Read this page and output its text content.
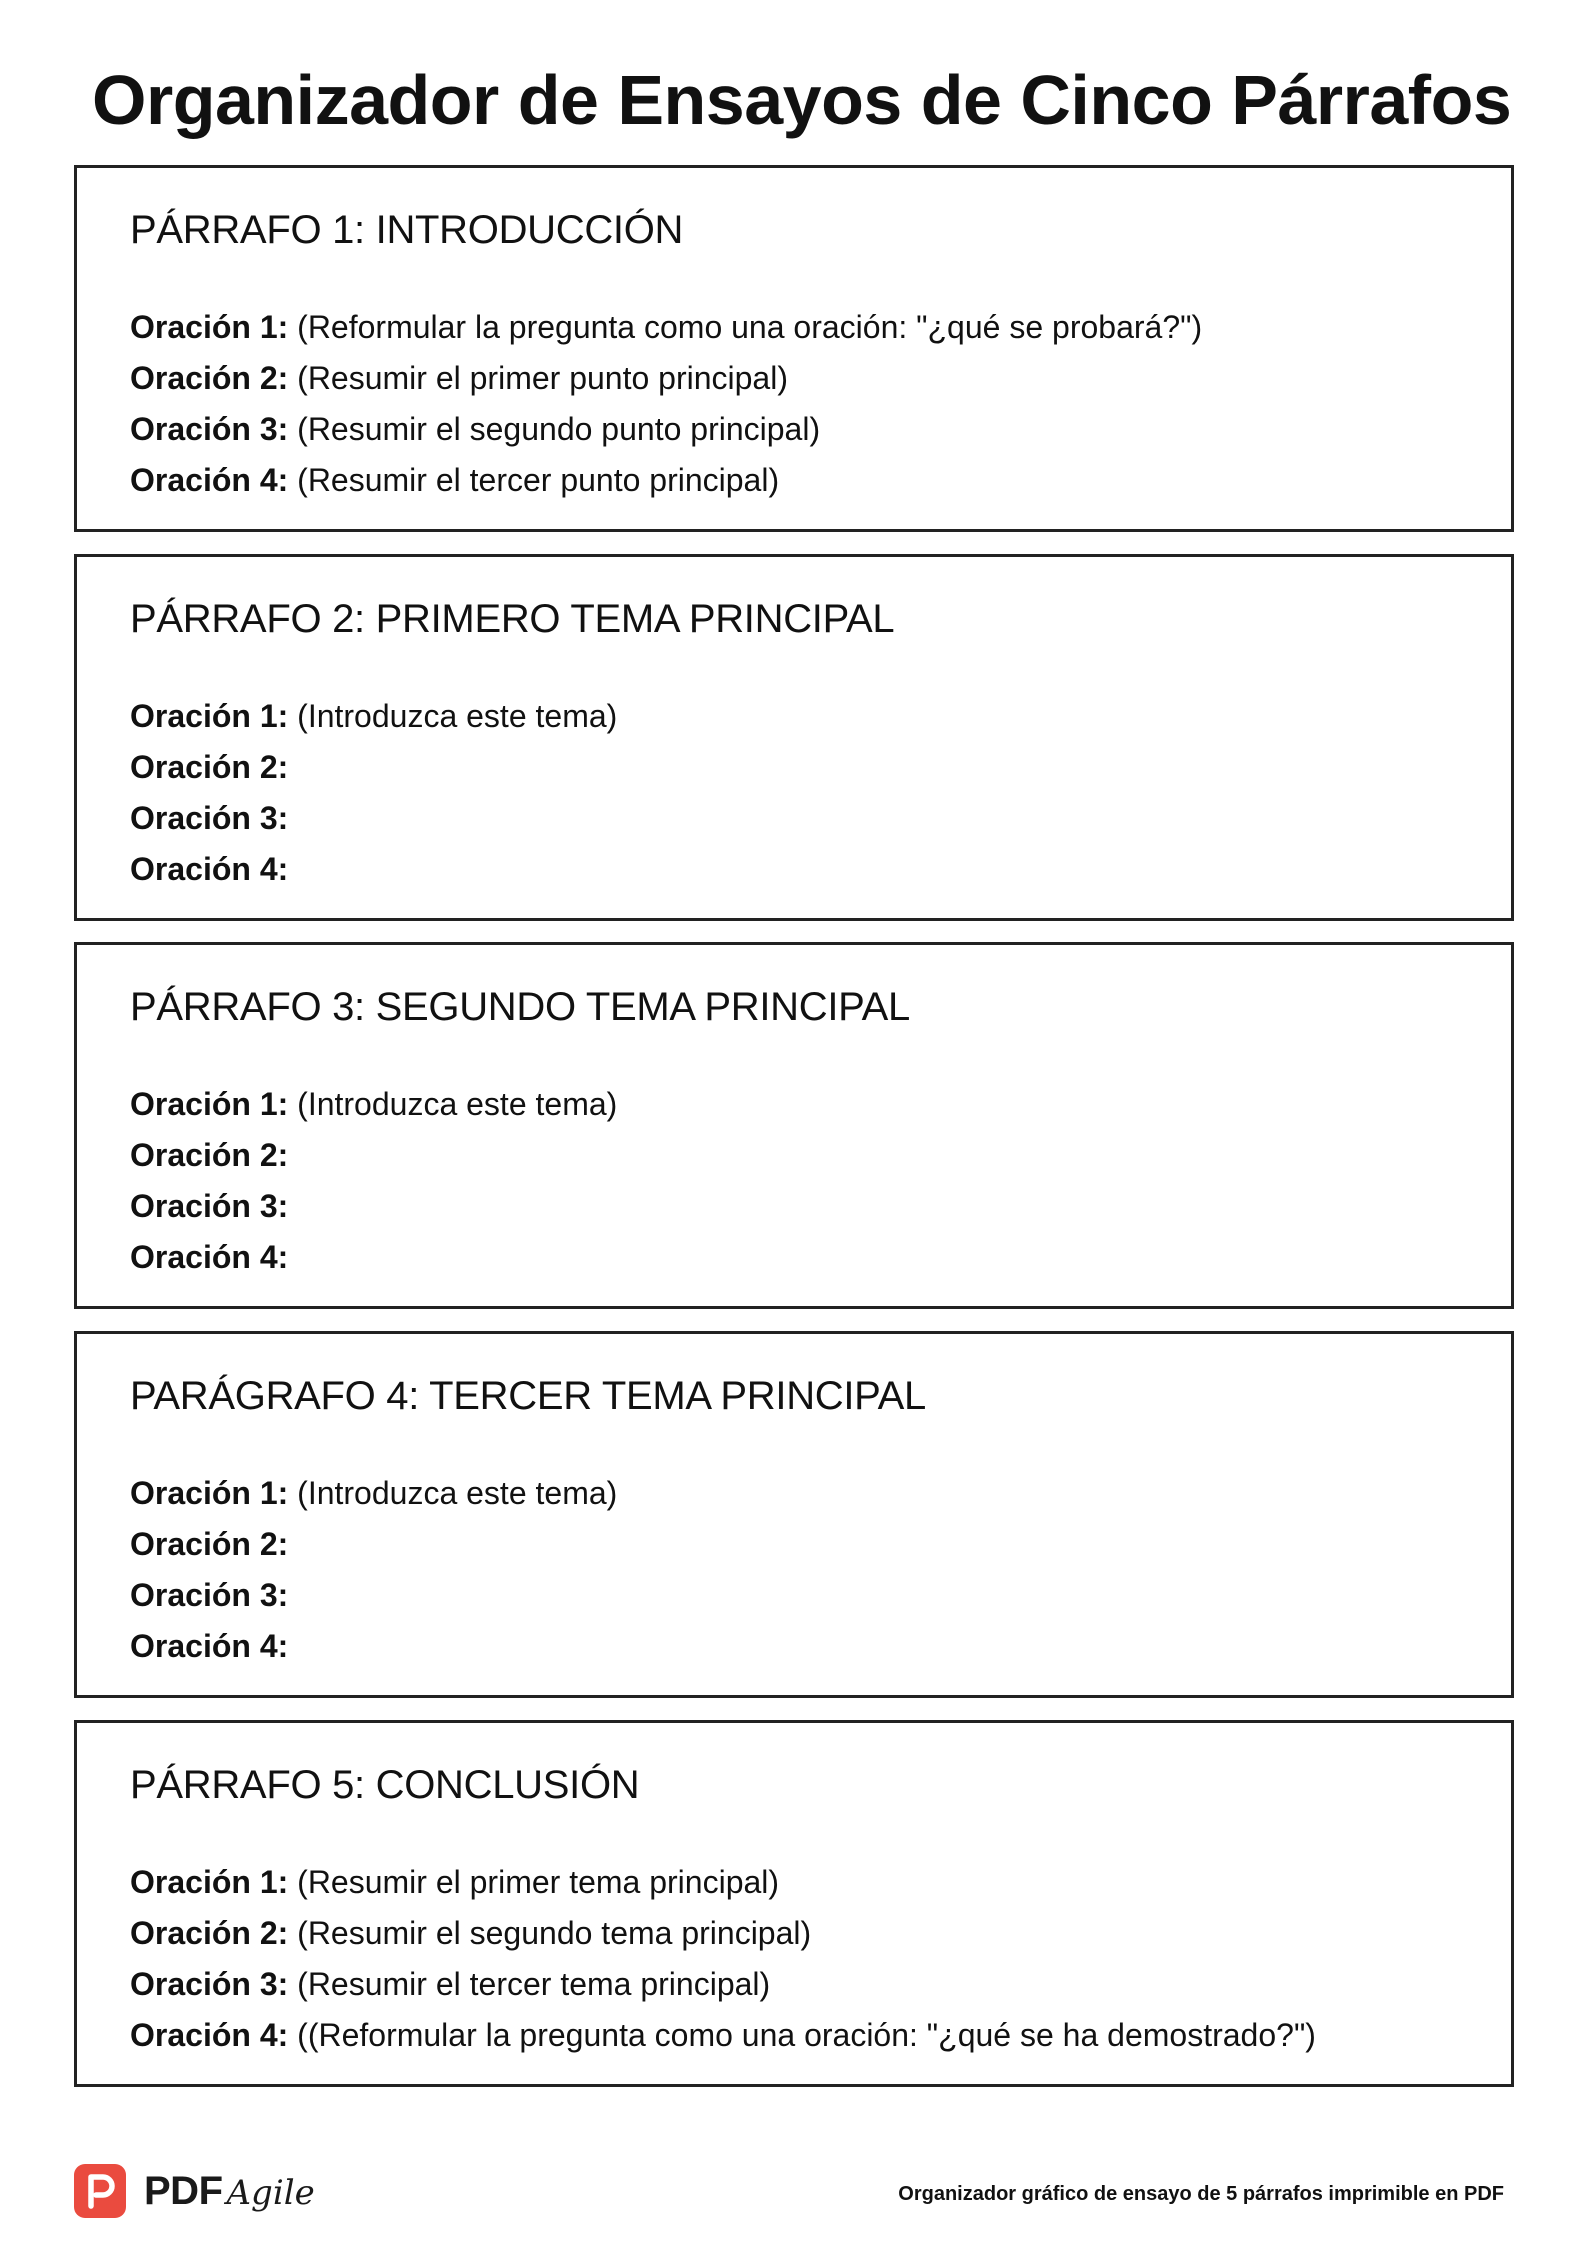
Organizador de Ensayos de Cinco Párrafos
PÁRRAFO 1: INTRODUCCIÓN
Oración 1: (Reformular la pregunta como una oración: "¿qué se probará?")
Oración 2: (Resumir el primer punto principal)
Oración 3: (Resumir el segundo punto principal)
Oración 4: (Resumir el tercer punto principal)
PÁRRAFO 2: PRIMERO TEMA PRINCIPAL
Oración 1: (Introduzca este tema)
Oración 2:
Oración 3:
Oración 4:
PÁRRAFO 3: SEGUNDO TEMA PRINCIPAL
Oración 1: (Introduzca este tema)
Oración 2:
Oración 3:
Oración 4:
PARÁGRAFO 4: TERCER TEMA PRINCIPAL
Oración 1: (Introduzca este tema)
Oración 2:
Oración 3:
Oración 4:
PÁRRAFO 5: CONCLUSIÓN
Oración 1: (Resumir el primer tema principal)
Oración 2: (Resumir el segundo tema principal)
Oración 3: (Resumir el tercer tema principal)
Oración 4: ((Reformular la pregunta como una oración: "¿qué se ha demostrado?")
PDF Agile	Organizador gráfico de ensayo de 5 párrafos imprimible en PDF
